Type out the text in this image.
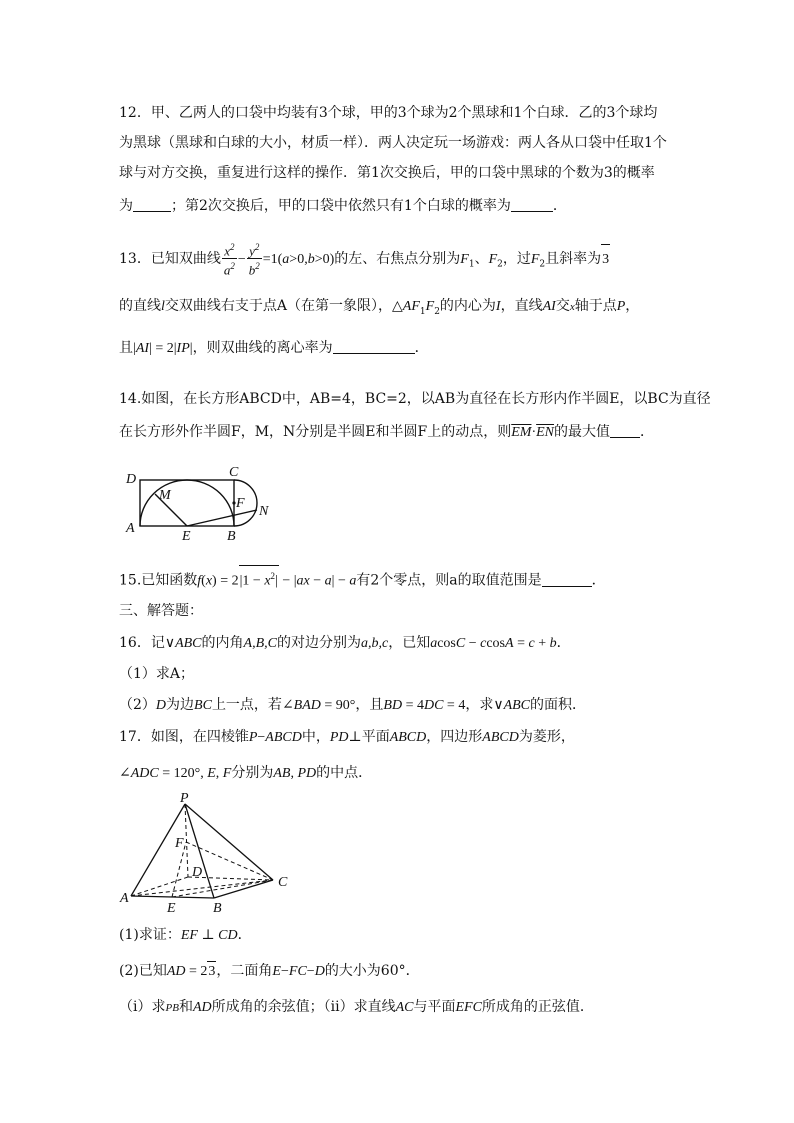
12．甲、乙两人的口袋中均装有3个球，甲的3个球为2个黑球和1个白球．乙的3个球均
为黑球（黑球和白球的大小，材质一样）．两人决定玩一场游戏：两人各从口袋中任取1个
球与对方交换，重复进行这样的操作．第1次交换后，甲的口袋中黑球的个数为3的概率
为	；第2次交换后，甲的口袋中依然只有1个白球的概率为	．
13．已知双曲线 $\frac{x^2}{a^2} - \frac{y^2}{b^2} =1(a>0,b>0)$的左、右焦点分别为$F_1$、$F_2$，过$F_2$且斜率为3
的直线l交双曲线右支于点A（在第一象限），$\triangle AF_1F_2$的内心为I，直线AI交x轴于点P，
且|AI| = 2|IP|，则双曲线的离心率为	．
14.如图，在长方形ABCD中，AB=4，BC=2，以AB为直径在长方形内作半圆E，以BC为直径
在长方形外作半圆F，M，N分别是半圆E和半圆F上的动点，则$\overline{EM}\cdot\overline{EN}$的最大值 ．
D	C
M
F
N
A
E	B
15.已知函数$f(x) = 2|1 - x^2| - |ax - a| - a$有2个零点，则a的取值范围是	．
三、解答题：
16．记∨ABC的内角A,B,C的对边分别为a,b,c，已知acosC − ccosA = c + b．
（1）求A；
（2）D为边BC上一点，若∠BAD = 90°，且BD = 4DC = 4，求∨ABC的面积．
17．如图，在四棱锥P−ABCD中，PD⊥平面ABCD，四边形ABCD为菱形，
∠ADC = 120°, E, F分别为AB, PD的中点．
P
F
D
C
A
E	B
(1)求证：EF ⊥ CD．
(2)已知AD = 23，二面角E−FC−D的大小为60°．
（i）求PB和AD所成角的余弦值；（ii）求直线AC与平面EFC所成角的正弦值．
